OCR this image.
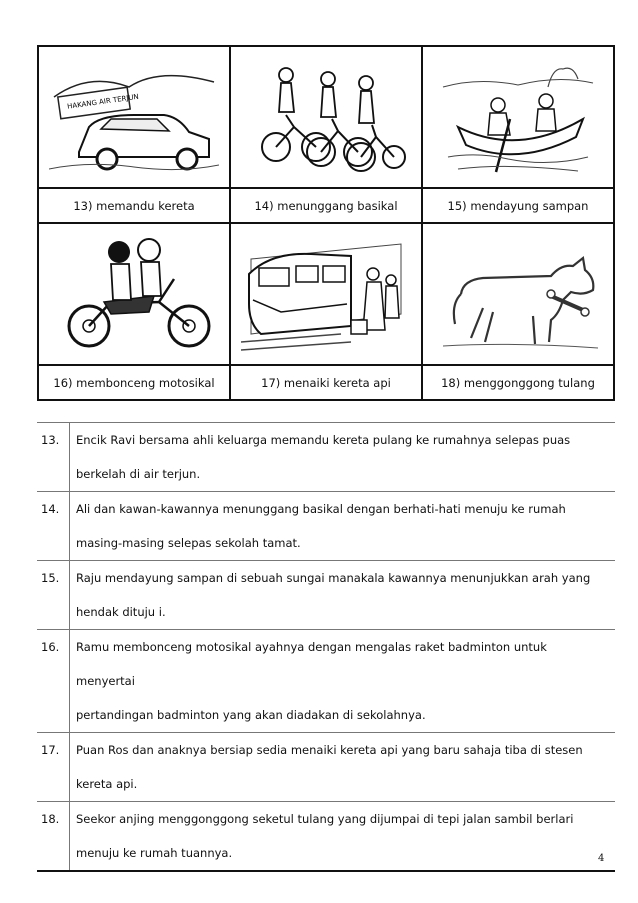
HAKANG AIR TERJUN

13) memandu kereta	14) menunggang basikal	15) mendayung sampan

16) membonceng motosikal	17) menaiki kereta api	18) menggonggong tulang
13.	Encik Ravi bersama ahli keluarga memandu kereta pulang ke rumahnya selepas puas
berkelah di air terjun.

14.	Ali dan kawan-kawannya menunggang basikal dengan berhati-hati menuju ke rumah
masing-masing selepas sekolah tamat.

15.	Raju mendayung sampan di sebuah sungai manakala kawannya menunjukkan arah yang
hendak dituju i.

16.	Ramu membonceng motosikal ayahnya dengan mengalas raket badminton untuk menyertai
pertandingan badminton yang akan diadakan di sekolahnya.

17.	Puan Ros dan anaknya bersiap sedia menaiki kereta api yang baru sahaja tiba di stesen
kereta api.

18.	Seekor anjing menggonggong seketul tulang yang dijumpai di tepi jalan sambil berlari
menuju ke rumah tuannya.	4
